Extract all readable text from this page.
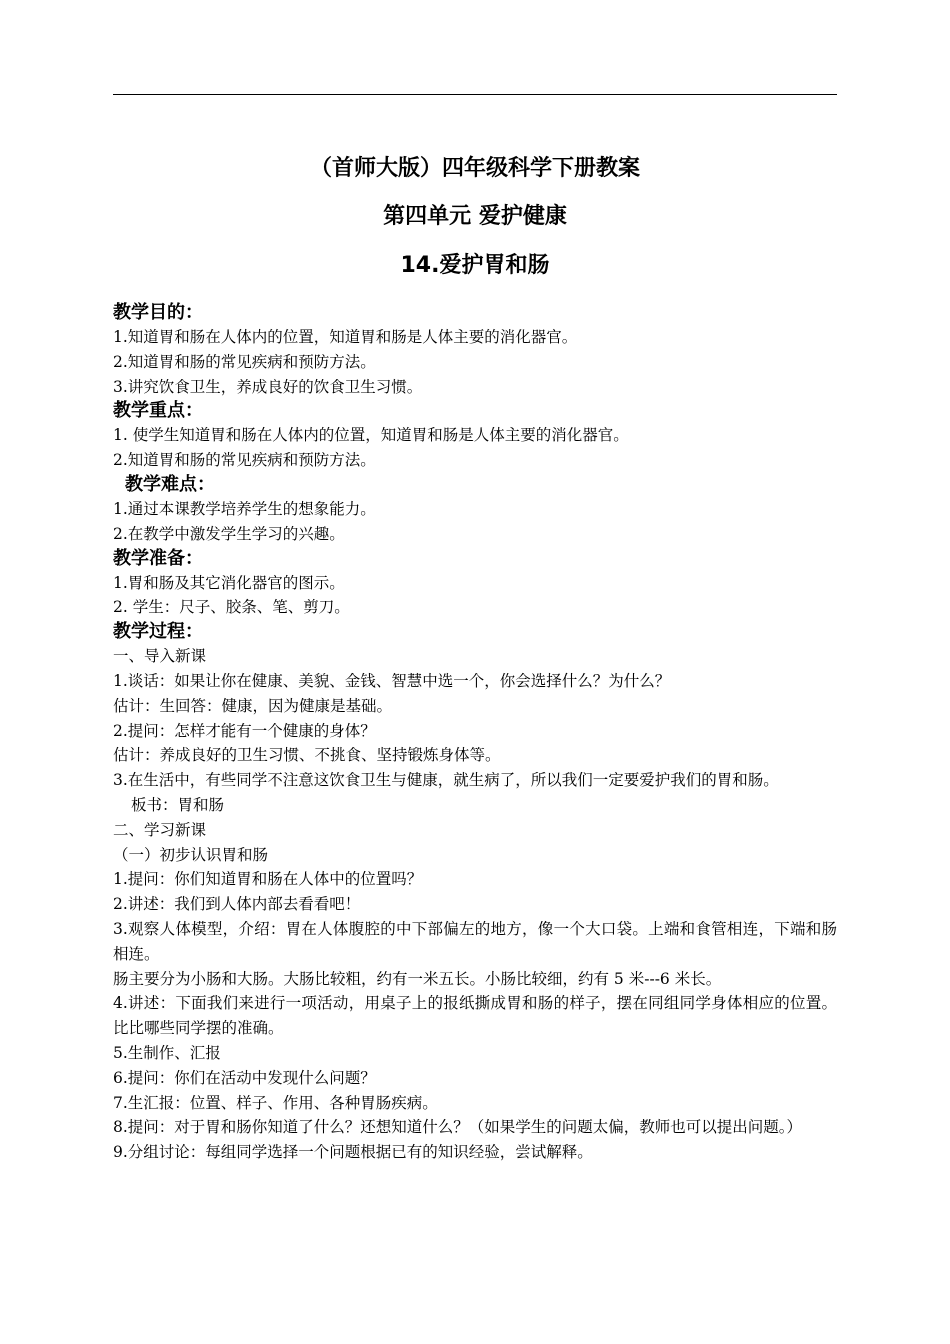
（首师大版）四年级科学下册教案
第四单元 爱护健康
14.爱护胃和肠
教学目的：
1.知道胃和肠在人体内的位置，知道胃和肠是人体主要的消化器官。
2.知道胃和肠的常见疾病和预防方法。
3.讲究饮食卫生，养成良好的饮食卫生习惯。
教学重点：
1. 使学生知道胃和肠在人体内的位置，知道胃和肠是人体主要的消化器官。
2.知道胃和肠的常见疾病和预防方法。
教学难点：
1.通过本课教学培养学生的想象能力。
2.在教学中激发学生学习的兴趣。
教学准备：
1.胃和肠及其它消化器官的图示。
2. 学生：尺子、胶条、笔、剪刀。
教学过程：
一、导入新课
1.谈话：如果让你在健康、美貌、金钱、智慧中选一个，你会选择什么？为什么？
估计：生回答：健康，因为健康是基础。
2.提问：怎样才能有一个健康的身体？
估计：养成良好的卫生习惯、不挑食、坚持锻炼身体等。
3.在生活中，有些同学不注意这饮食卫生与健康，就生病了，所以我们一定要爱护我们的胃和肠。
板书：胃和肠
二、学习新课
（一）初步认识胃和肠
1.提问：你们知道胃和肠在人体中的位置吗？
2.讲述：我们到人体内部去看看吧！
3.观察人体模型，介绍：胃在人体腹腔的中下部偏左的地方，像一个大口袋。上端和食管相连，下端和肠相连。
肠主要分为小肠和大肠。大肠比较粗，约有一米五长。小肠比较细，约有 5 米---6 米长。
4.讲述：下面我们来进行一项活动，用桌子上的报纸撕成胃和肠的样子，摆在同组同学身体相应的位置。比比哪些同学摆的准确。
5.生制作、汇报
6.提问：你们在活动中发现什么问题？
7.生汇报：位置、样子、作用、各种胃肠疾病。
8.提问：对于胃和肠你知道了什么？还想知道什么？（如果学生的问题太偏，教师也可以提出问题。）
9.分组讨论：每组同学选择一个问题根据已有的知识经验，尝试解释。
